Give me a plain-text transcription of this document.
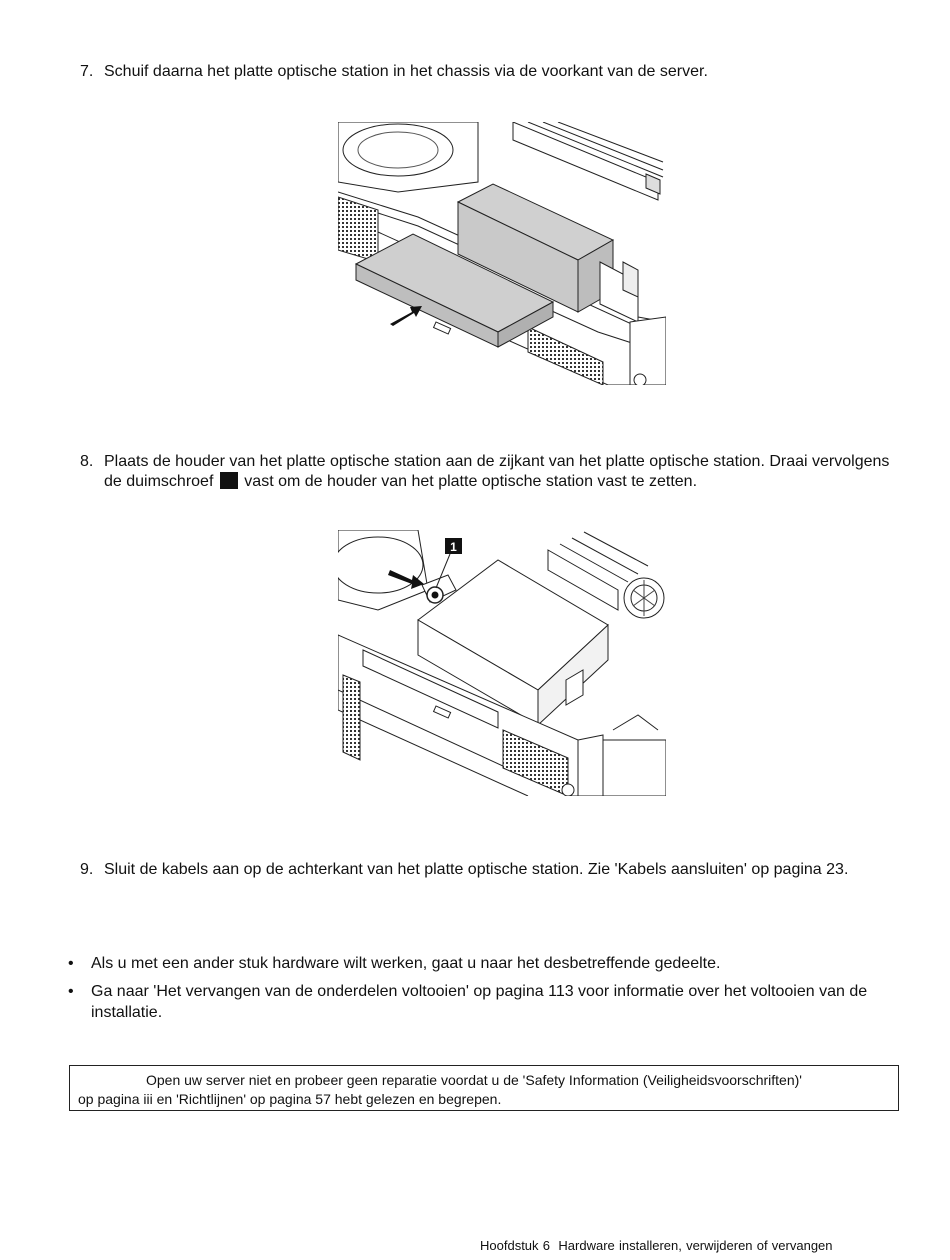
7. Schuif daarna het platte optische station in het chassis via de voorkant van de server.
8. Plaats de houder van het platte optische station aan de zijkant van het platte optische station. Draai vervolgens de duimschroef vast om de houder van het platte optische station vast te zetten.
1
9. Sluit de kabels aan op de achterkant van het platte optische station. Zie 'Kabels aansluiten' op pagina 23.
•	Als u met een ander stuk hardware wilt werken, gaat u naar het desbetreffende gedeelte.
•	Ga naar 'Het vervangen van de onderdelen voltooien' op pagina 113 voor informatie over het voltooien van de installatie.
Open uw server niet en probeer geen reparatie voordat u de 'Safety Information (Veiligheidsvoorschriften)'
op pagina iii en 'Richtlijnen' op pagina 57 hebt gelezen en begrepen.
Hoofdstuk 6 Hardware installeren, verwijderen of vervangen
